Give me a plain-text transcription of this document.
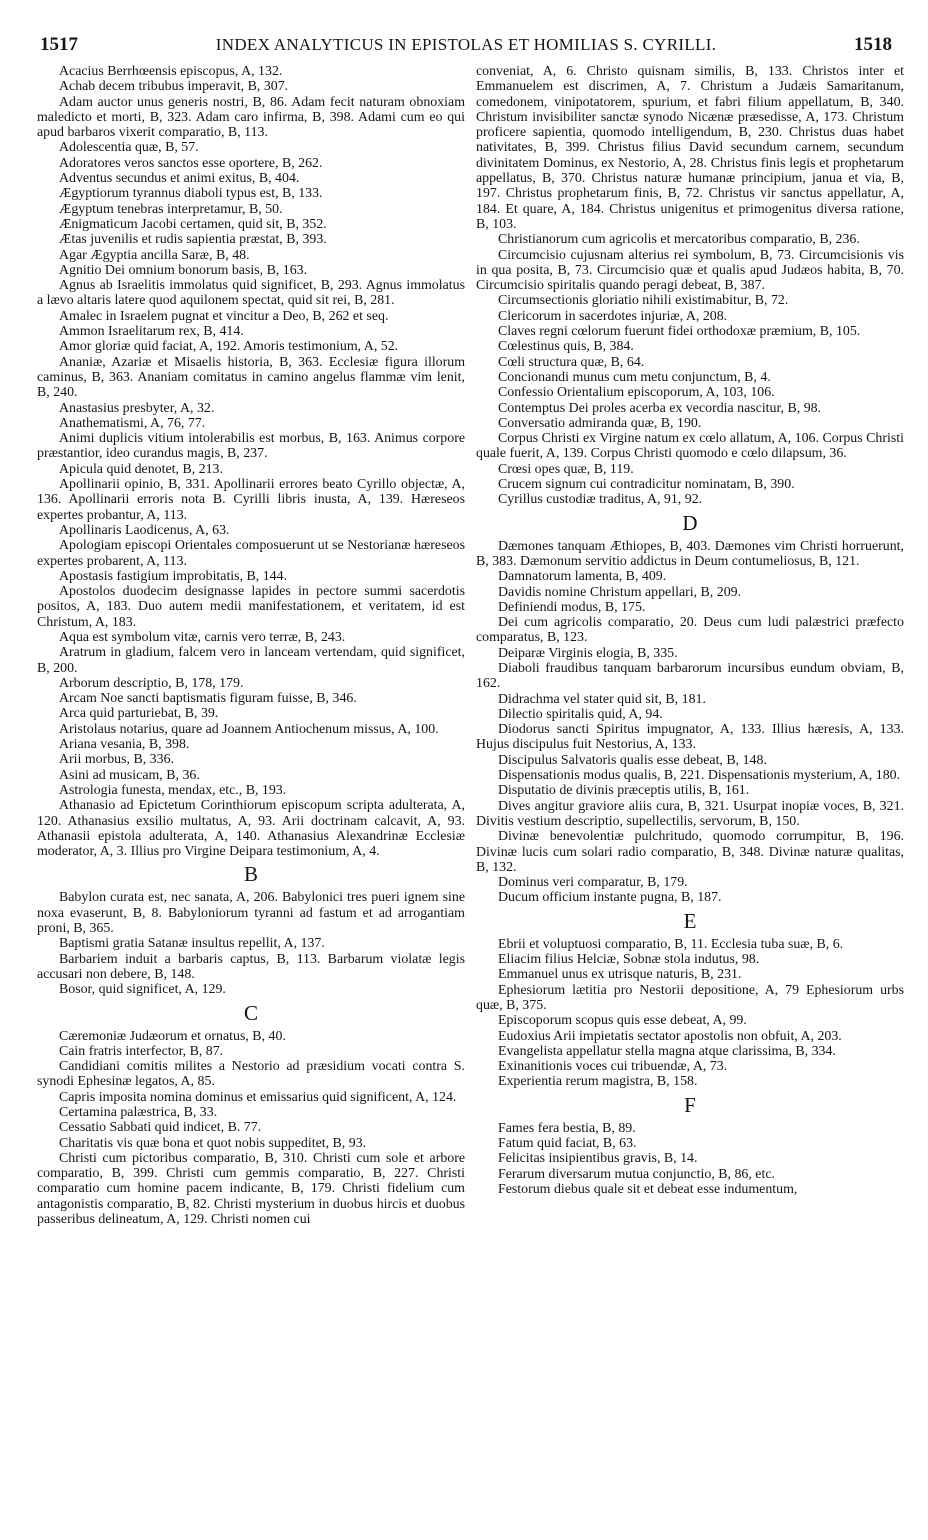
1517	INDEX ANALYTICUS IN EPISTOLAS ET HOMILIAS S. CYRILLI.	1518
Acacius Berrhœensis episcopus, A, 132.
Achab decem tribubus imperavit, B, 307.
Adam auctor unus generis nostri, B, 86. Adam fecit naturam obnoxiam maledicto et morti, B, 323. Adam caro infirma, B, 398. Adami cum eo qui apud barbaros vixerit comparatio, B, 113.
Adolescentia quæ, B, 57.
Adoratores veros sanctos esse oportere, B, 262.
Adventus secundus et animi exitus, B, 404.
Ægyptiorum tyrannus diaboli typus est, B, 133.
Ægyptum tenebras interpretamur, B, 50.
Ænigmaticum Jacobi certamen, quid sit, B, 352.
Ætas juvenilis et rudis sapientia præstat, B, 393.
Agar Ægyptia ancilla Saræ, B, 48.
Agnitio Dei omnium bonorum basis, B, 163.
Agnus ab Israelitis immolatus quid significet, B, 293. Agnus immolatus a lævo altaris latere quod aquilonem spectat, quid sit rei, B, 281.
Amalec in Israelem pugnat et vincitur a Deo, B, 262 et seq.
Ammon Israelitarum rex, B, 414.
Amor gloriæ quid faciat, A, 192. Amoris testimonium, A, 52.
Ananiæ, Azariæ et Misaelis historia, B, 363. Ecclesiæ figura illorum caminus, B, 363. Ananiam comitatus in camino angelus flammæ vim lenit, B, 240.
Anastasius presbyter, A, 32.
Anathematismi, A, 76, 77.
Animi duplicis vitium intolerabilis est morbus, B, 163. Animus corpore præstantior, ideo curandus magis, B, 237.
Apicula quid denotet, B, 213.
Apollinarii opinio, B, 331. Apollinarii errores beato Cyrillo objectæ, A, 136. Apollinarii erroris nota B. Cyrilli libris inusta, A, 139. Hæreseos expertes probantur, A, 113.
Apollinaris Laodicenus, A, 63.
Apologiam episcopi Orientales composuerunt ut se Nestorianæ hæreseos expertes probarent, A, 113.
Apostasis fastigium improbitatis, B, 144.
Apostolos duodecim designasse lapides in pectore summi sacerdotis positos, A, 183. Duo autem medii manifestationem, et veritatem, id est Christum, A, 183.
Aqua est symbolum vitæ, carnis vero terræ, B, 243.
Aratrum in gladium, falcem vero in lanceam vertendam, quid significet, B, 200.
Arborum descriptio, B, 178, 179.
Arcam Noe sancti baptismatis figuram fuisse, B, 346.
Arca quid parturiebat, B, 39.
Aristolaus notarius, quare ad Joannem Antiochenum missus, A, 100.
Ariana vesania, B, 398.
Arii morbus, B, 336.
Asini ad musicam, B, 36.
Astrologia funesta, mendax, etc., B, 193.
Athanasio ad Epictetum Corinthiorum episcopum scripta adulterata, A, 120. Athanasius exsilio multatus, A, 93. Arii doctrinam calcavit, A, 93. Athanasii epistola adulterata, A, 140. Athanasius Alexandrinæ Ecclesiæ moderator, A, 3. Illius pro Virgine Deipara testimonium, A, 4.
B
Babylon curata est, nec sanata, A, 206. Babylonici tres pueri ignem sine noxa evaserunt, B, 8. Babyloniorum tyranni ad fastum et ad arrogantiam proni, B, 365.
Baptismi gratia Satanæ insultus repellit, A, 137.
Barbariem induit a barbaris captus, B, 113. Barbarum violatæ legis accusari non debere, B, 148.
Bosor, quid significet, A, 129.
C
Cæremoniæ Judæorum et ornatus, B, 40.
Cain fratris interfector, B, 87.
Candidiani comitis milites a Nestorio ad præsidium vocati contra S. synodi Ephesinæ legatos, A, 85.
Capris imposita nomina dominus et emissarius quid significent, A, 124.
Certamina palæstrica, B, 33.
Cessatio Sabbati quid indicet, B. 77.
Charitatis vis quæ bona et quot nobis suppeditet, B, 93.
Christi cum pictoribus comparatio, B, 310. Christi cum sole et arbore comparatio, B, 399. Christi cum gemmis comparatio, B, 227. Christi comparatio cum homine pacem indicante, B, 179. Christi fidelium cum antagonistis comparatio, B, 82. Christi mysterium in duobus hircis et duobus passeribus delineatum, A, 129. Christi nomen cui
conveniat, A, 6. Christo quisnam similis, B, 133. Christos inter et Emmanuelem est discrimen, A, 7. Christum a Judæis Samaritanum, comedonem, vinipotatorem, spurium, et fabri filium appellatum, B, 340. Christum invisibiliter sanctæ synodo Nicænæ præsedisse, A, 173. Christum proficere sapientia, quomodo intelligendum, B, 230. Christus duas habet nativitates, B, 399. Christus filius David secundum carnem, secundum divinitatem Dominus, ex Nestorio, A, 28. Christus finis legis et prophetarum appellatus, B, 370. Christus naturæ humanæ principium, janua et via, B, 197. Christus prophetarum finis, B, 72. Christus vir sanctus appellatur, A, 184. Et quare, A, 184. Christus unigenitus et primogenitus diversa ratione, B, 103.
Christianorum cum agricolis et mercatoribus comparatio, B, 236.
Circumcisio cujusnam alterius rei symbolum, B, 73. Circumcisionis vis in qua posita, B, 73. Circumcisio quæ et qualis apud Judæos habita, B, 70. Circumcisio spiritalis quando peragi debeat, B, 387.
Circumsectionis gloriatio nihili existimabitur, B, 72.
Clericorum in sacerdotes injuriæ, A, 208.
Claves regni cœlorum fuerunt fidei orthodoxæ præmium, B, 105.
Cœlestinus quis, B, 384.
Cœli structura quæ, B, 64.
Concionandi munus cum metu conjunctum, B, 4.
Confessio Orientalium episcoporum, A, 103, 106.
Contemptus Dei proles acerba ex vecordia nascitur, B, 98.
Conversatio admiranda quæ, B, 190.
Corpus Christi ex Virgine natum ex cœlo allatum, A, 106. Corpus Christi quale fuerit, A, 139. Corpus Christi quomodo e cœlo dilapsum, 36.
Crœsi opes quæ, B, 119.
Crucem signum cui contradicitur nominatam, B, 390.
Cyrillus custodiæ traditus, A, 91, 92.
D
Dæmones tanquam Æthiopes, B, 403. Dæmones vim Christi horruerunt, B, 383. Dæmonum servitio addictus in Deum contumeliosus, B, 121.
Damnatorum lamenta, B, 409.
Davidis nomine Christum appellari, B, 209.
Definiendi modus, B, 175.
Dei cum agricolis comparatio, 20. Deus cum ludi palæstrici præfecto comparatus, B, 123.
Deiparæ Virginis elogia, B, 335.
Diaboli fraudibus tanquam barbarorum incursibus eundum obviam, B, 162.
Didrachma vel stater quid sit, B, 181.
Dilectio spiritalis quid, A, 94.
Diodorus sancti Spiritus impugnator, A, 133. Illius hæresis, A, 133. Hujus discipulus fuit Nestorius, A, 133.
Discipulus Salvatoris qualis esse debeat, B, 148.
Dispensationis modus qualis, B, 221. Dispensationis mysterium, A, 180.
Disputatio de divinis præceptis utilis, B, 161.
Dives angitur graviore aliis cura, B, 321. Usurpat inopiæ voces, B, 321. Divitis vestium descriptio, supellectilis, servorum, B, 150.
Divinæ benevolentiæ pulchritudo, quomodo corrumpitur, B, 196. Divinæ lucis cum solari radio comparatio, B, 348. Divinæ naturæ qualitas, B, 132.
Dominus veri comparatur, B, 179.
Ducum officium instante pugna, B, 187.
E
Ebrii et voluptuosi comparatio, B, 11. Ecclesia tuba suæ, B, 6.
Eliacim filius Helciæ, Sobnæ stola indutus, 98.
Emmanuel unus ex utrisque naturis, B, 231.
Ephesiorum lætitia pro Nestorii depositione, A, 79 Ephesiorum urbs quæ, B, 375.
Episcoporum scopus quis esse debeat, A, 99.
Eudoxius Arii impietatis sectator apostolis non obfuit, A, 203.
Evangelista appellatur stella magna atque clarissima, B, 334.
Exinanitionis voces cui tribuendæ, A, 73.
Experientia rerum magistra, B, 158.
F
Fames fera bestia, B, 89.
Fatum quid faciat, B, 63.
Felicitas insipientibus gravis, B, 14.
Ferarum diversarum mutua conjunctio, B, 86, etc.
Festorum diebus quale sit et debeat esse indumentum,
